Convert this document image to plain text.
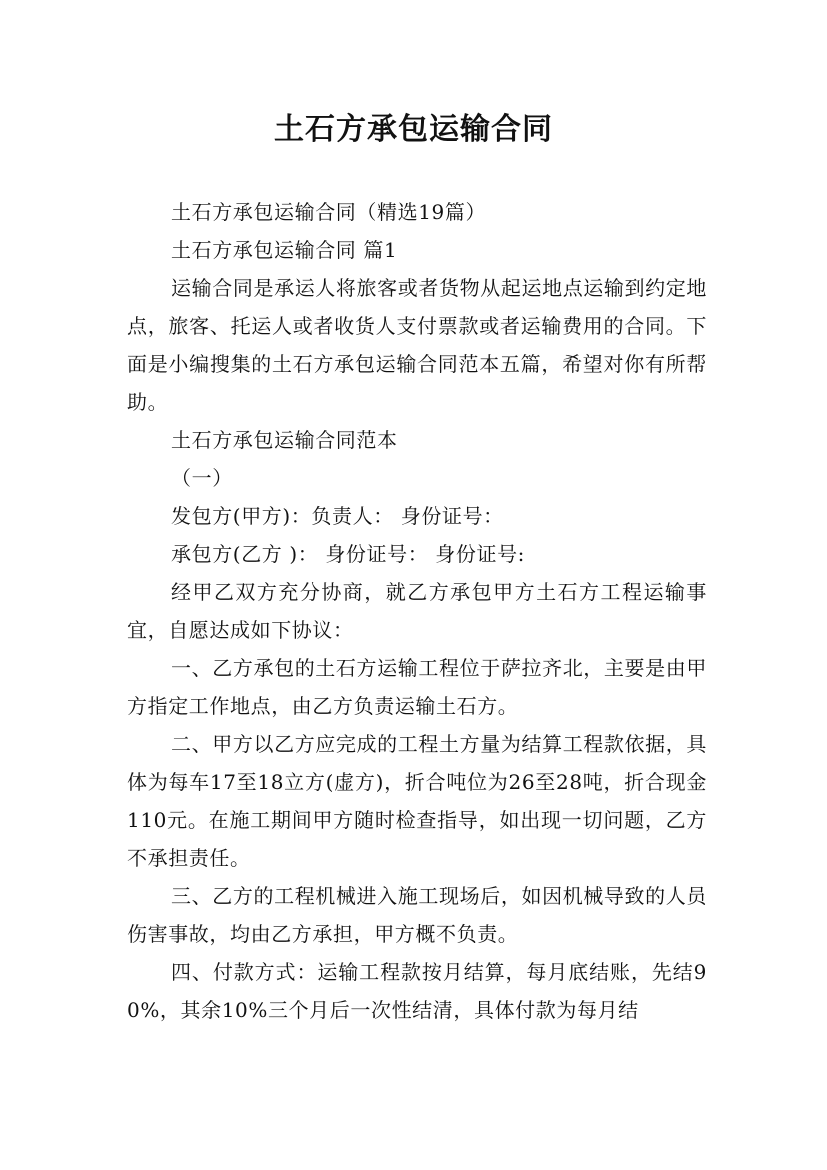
土石方承包运输合同

土石方承包运输合同（精选19篇）

土石方承包运输合同 篇1

运输合同是承运人将旅客或者货物从起运地点运输到约定地点，旅客、托运人或者收货人支付票款或者运输费用的合同。下面是小编搜集的土石方承包运输合同范本五篇，希望对你有所帮助。

土石方承包运输合同范本

（一）

发包方(甲方)：负责人： 身份证号：

承包方(乙方 )： 身份证号： 身份证号:

经甲乙双方充分协商，就乙方承包甲方土石方工程运输事宜，自愿达成如下协议：

一、乙方承包的土石方运输工程位于萨拉齐北，主要是由甲方指定工作地点，由乙方负责运输土石方。

二、甲方以乙方应完成的工程土方量为结算工程款依据，具体为每车17至18立方(虚方)，折合吨位为26至28吨，折合现金110元。在施工期间甲方随时检查指导，如出现一切问题，乙方不承担责任。

三、乙方的工程机械进入施工现场后，如因机械导致的人员伤害事故，均由乙方承担，甲方概不负责。

四、付款方式：运输工程款按月结算，每月底结账，先结90%，其余10%三个月后一次性结清，具体付款为每月结
